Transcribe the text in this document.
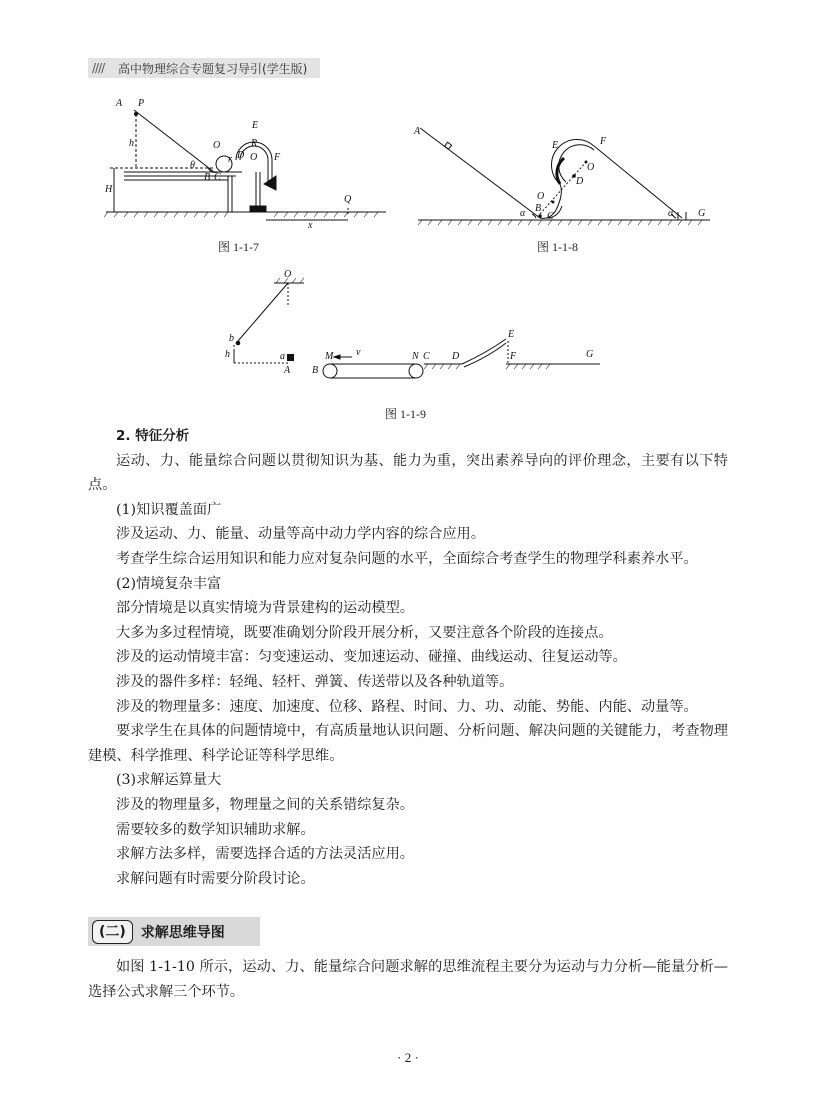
////	高中物理综合专题复习导引(学生版)
A P
h
H
θ
B C
O
r
E
R
D O F
G
Q
x
图 1-1-7
A
E	F
O
D
O
B
C
α	α G
图 1-1-8
O
b
h	a
A
M v	N C
B
D
E
F	G
图 1-1-9

2. 特征分析

运动、力、能量综合问题以贯彻知识为基、能力为重，突出素养导向的评价理念，主要有以下特点。

(1)知识覆盖面广

涉及运动、力、能量、动量等高中动力学内容的综合应用。

考查学生综合运用知识和能力应对复杂问题的水平，全面综合考查学生的物理学科素养水平。

(2)情境复杂丰富

部分情境是以真实情境为背景建构的运动模型。

大多为多过程情境，既要准确划分阶段开展分析，又要注意各个阶段的连接点。

涉及的运动情境丰富：匀变速运动、变加速运动、碰撞、曲线运动、往复运动等。

涉及的器件多样：轻绳、轻杆、弹簧、传送带以及各种轨道等。

涉及的物理量多：速度、加速度、位移、路程、时间、力、功、动能、势能、内能、动量等。

要求学生在具体的问题情境中，有高质量地认识问题、分析问题、解决问题的关键能力，考查物理建模、科学推理、科学论证等科学思维。

(3)求解运算量大

涉及的物理量多，物理量之间的关系错综复杂。

需要较多的数学知识辅助求解。

求解方法多样，需要选择合适的方法灵活应用。

求解问题有时需要分阶段讨论。

(二)	求解思维导图

如图 1-1-10 所示，运动、力、能量综合问题求解的思维流程主要分为运动与力分析—能量分析—选择公式求解三个环节。

· 2 ·
